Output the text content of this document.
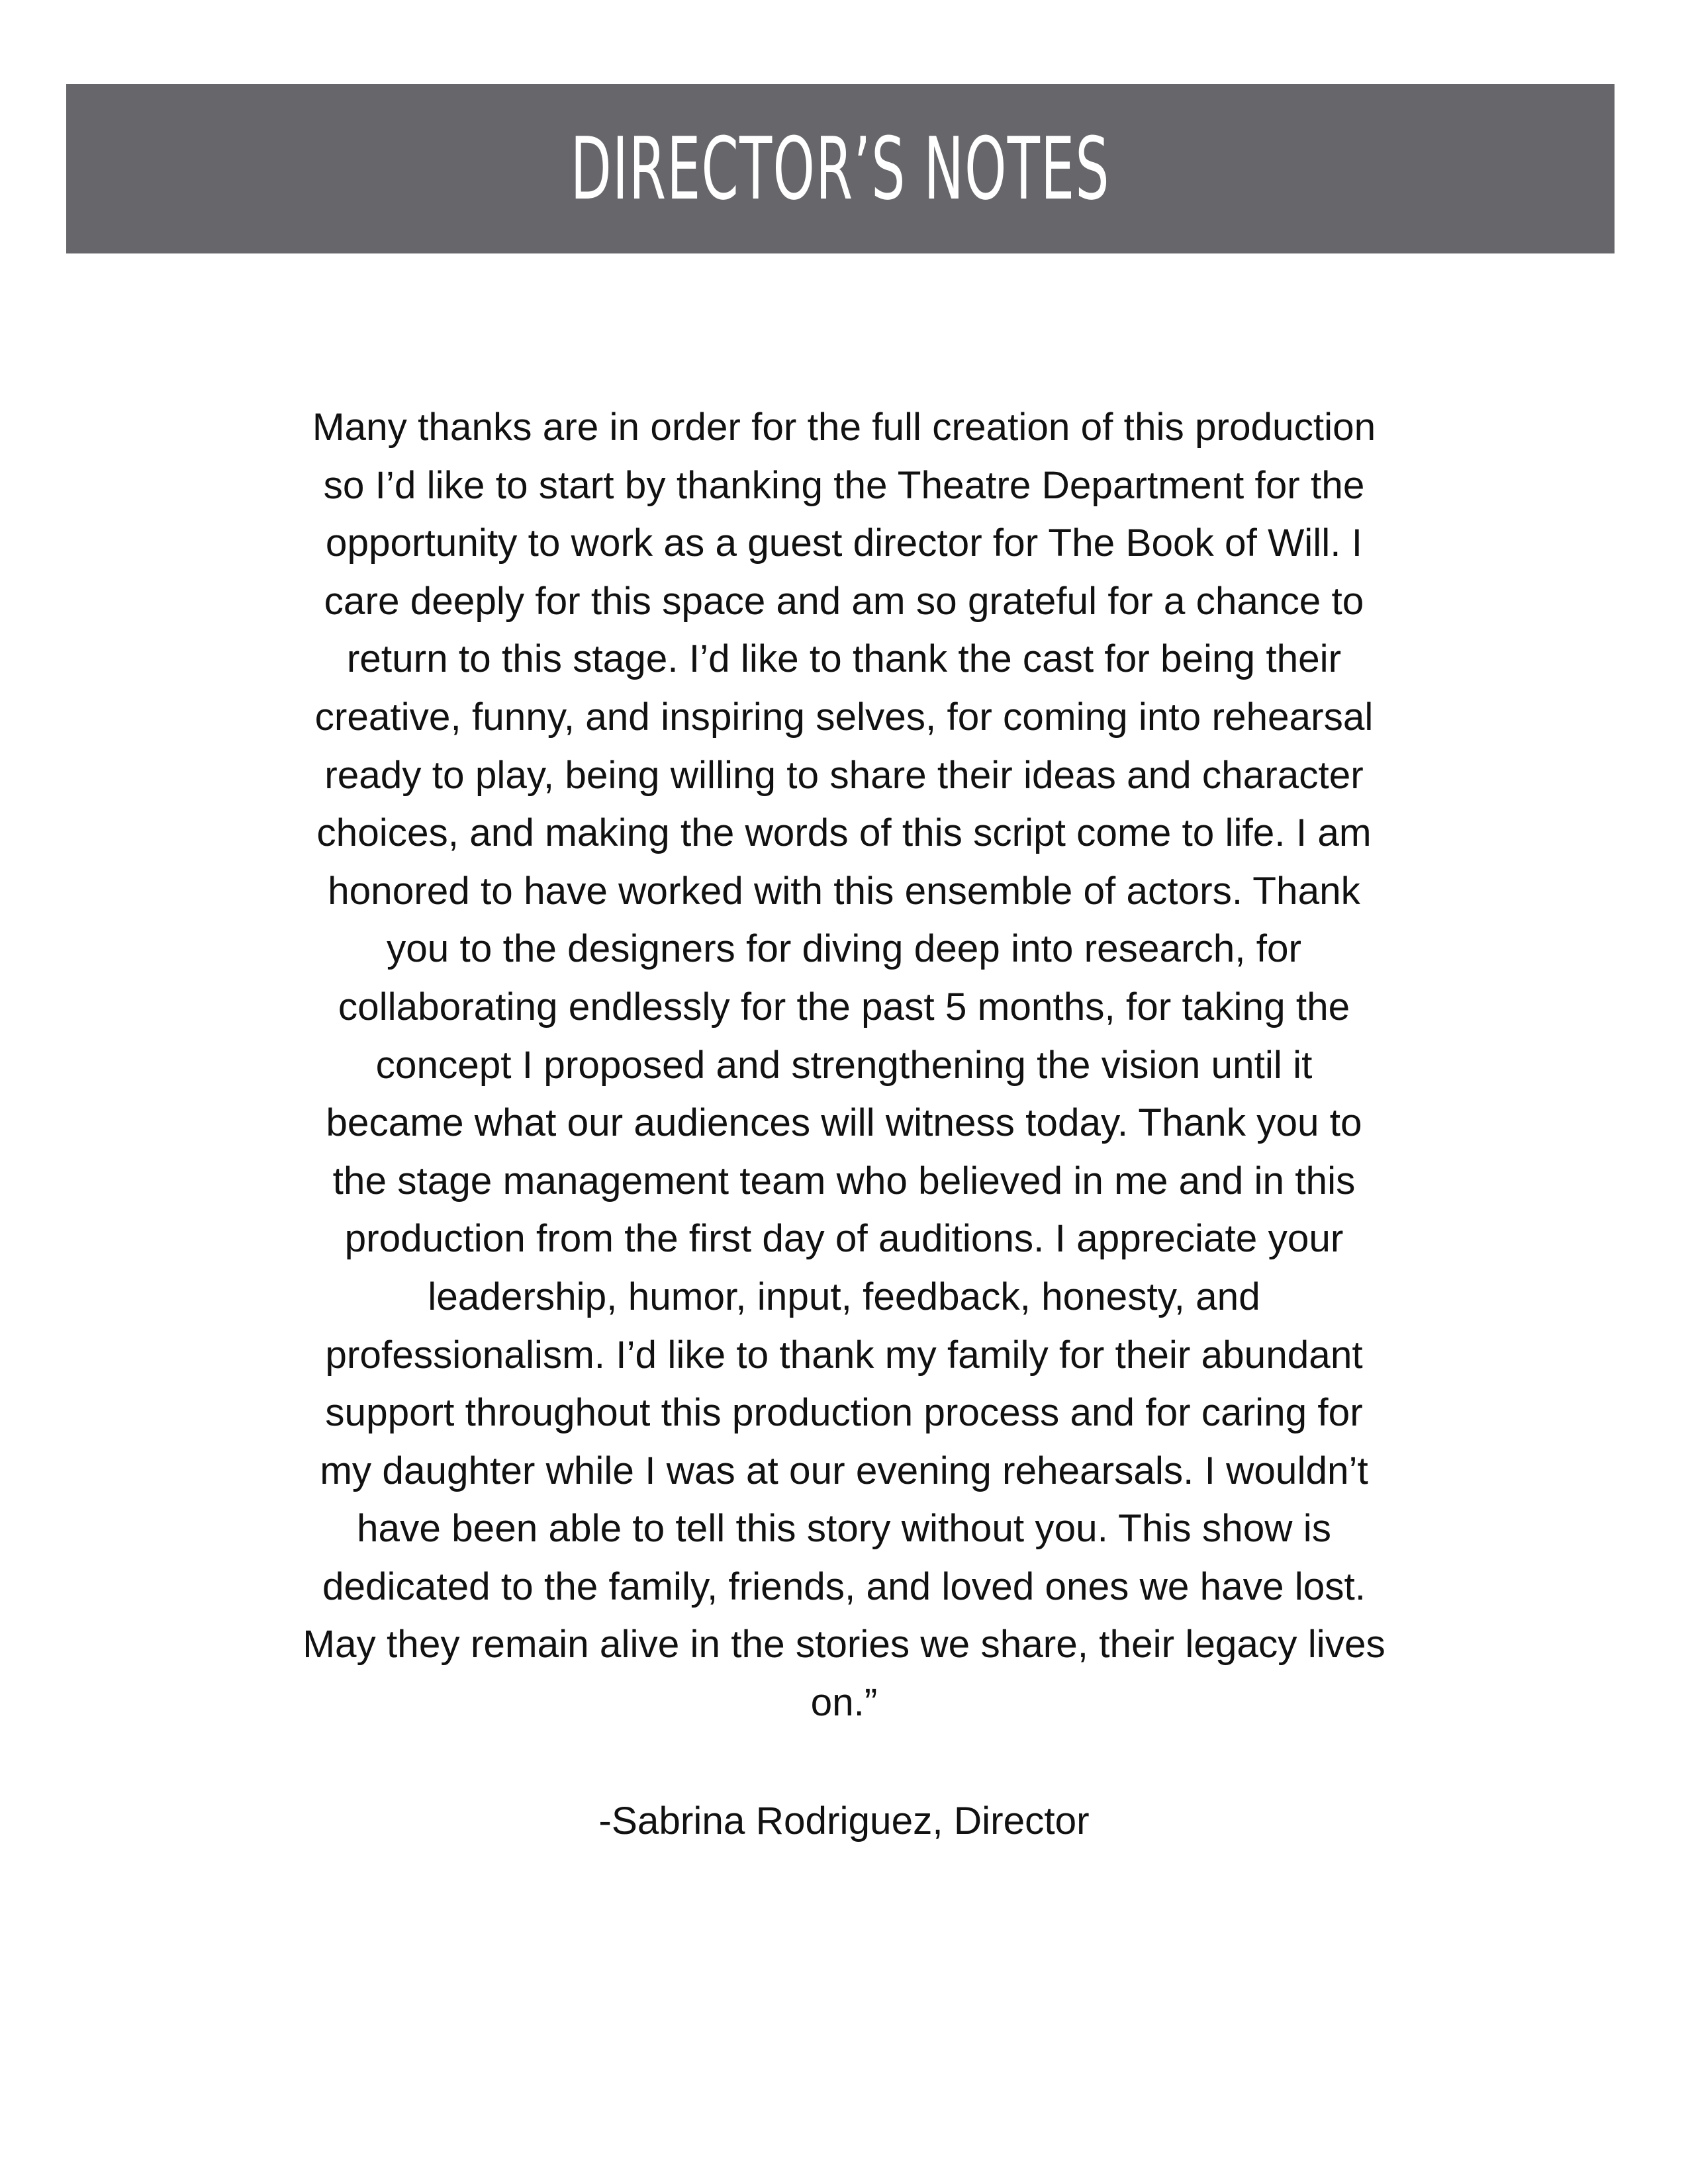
DIRECTOR’S NOTES

Many thanks are in order for the full creation of this production
so I’d like to start by thanking the Theatre Department for the
opportunity to work as a guest director for The Book of Will. I
care deeply for this space and am so grateful for a chance to
return to this stage. I’d like to thank the cast for being their
creative, funny, and inspiring selves, for coming into rehearsal
ready to play, being willing to share their ideas and character
choices, and making the words of this script come to life. I am
honored to have worked with this ensemble of actors. Thank
you to the designers for diving deep into research, for
collaborating endlessly for the past 5 months, for taking the
concept I proposed and strengthening the vision until it
became what our audiences will witness today. Thank you to
the stage management team who believed in me and in this
production from the first day of auditions. I appreciate your
leadership, humor, input, feedback, honesty, and
professionalism. I’d like to thank my family for their abundant
support throughout this production process and for caring for
my daughter while I was at our evening rehearsals. I wouldn’t
have been able to tell this story without you. This show is
dedicated to the family, friends, and loved ones we have lost.
May they remain alive in the stories we share, their legacy lives
on.”

-Sabrina Rodriguez, Director
